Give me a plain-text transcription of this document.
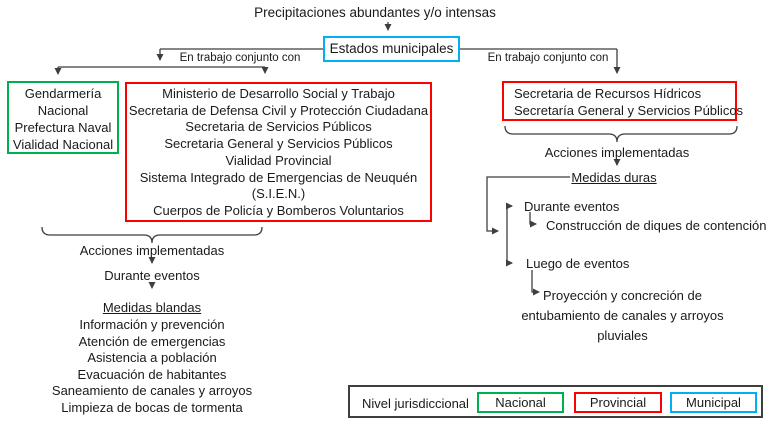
Precipitaciones abundantes y/o intensas
Estados municipales
En trabajo conjunto con	En trabajo conjunto con
Gendarmería
Nacional
Prefectura Naval
Vialidad Nacional
Ministerio de Desarrollo Social y Trabajo
Secretaria de Defensa Civil y Protección Ciudadana
Secretaria de Servicios Públicos
Secretaria General y Servicios Públicos
Vialidad Provincial
Sistema Integrado de Emergencias de Neuquén
(S.I.E.N.)
Cuerpos de Policía y Bomberos Voluntarios
Secretaria de Recursos Hídricos
Secretaría General y Servicios Públicos
Acciones implementadas
Durante eventos
Medidas blandas
Información y prevención
Atención de emergencias
Asistencia a población
Evacuación de habitantes
Saneamiento de canales y arroyos
Limpieza de bocas de tormenta
Acciones implementadas
Medidas duras
Durante eventos
Construcción de diques de contención
Luego de eventos
Proyección y concreción de
entubamiento de canales y arroyos
pluviales
Nivel jurisdiccional	Nacional	Provincial	Municipal
